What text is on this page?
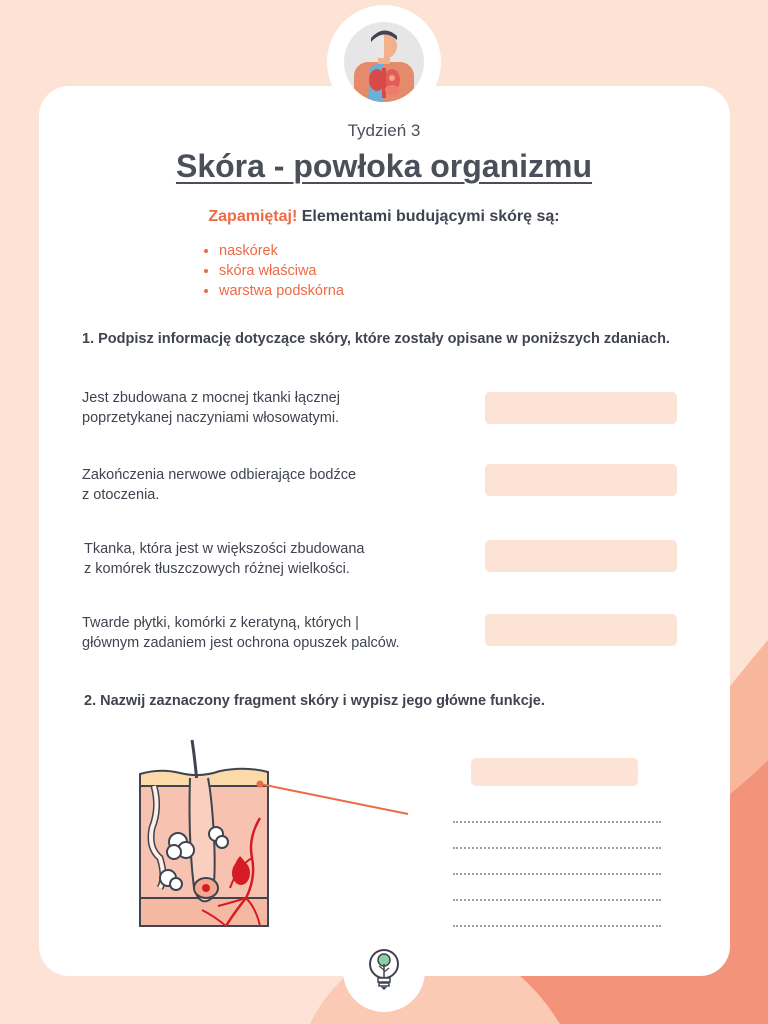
Tydzień 3
Skóra - powłoka organizmu
Zapamiętaj! Elementami budującymi skórę są:
naskórek
skóra właściwa
warstwa podskórna
1. Podpisz informację dotyczące skóry, które zostały opisane w poniższych zdaniach.
Jest zbudowana z mocnej tkanki łącznej
poprzetykanej naczyniami włosowatymi.
Zakończenia nerwowe odbierające bodźce
z otoczenia.
Tkanka, która jest w większości zbudowana
z komórek tłuszczowych różnej wielkości.
Twarde płytki, komórki z keratyną, których |
głównym zadaniem jest ochrona opuszek palców.
2. Nazwij zaznaczony fragment skóry i wypisz jego główne funkcje.
